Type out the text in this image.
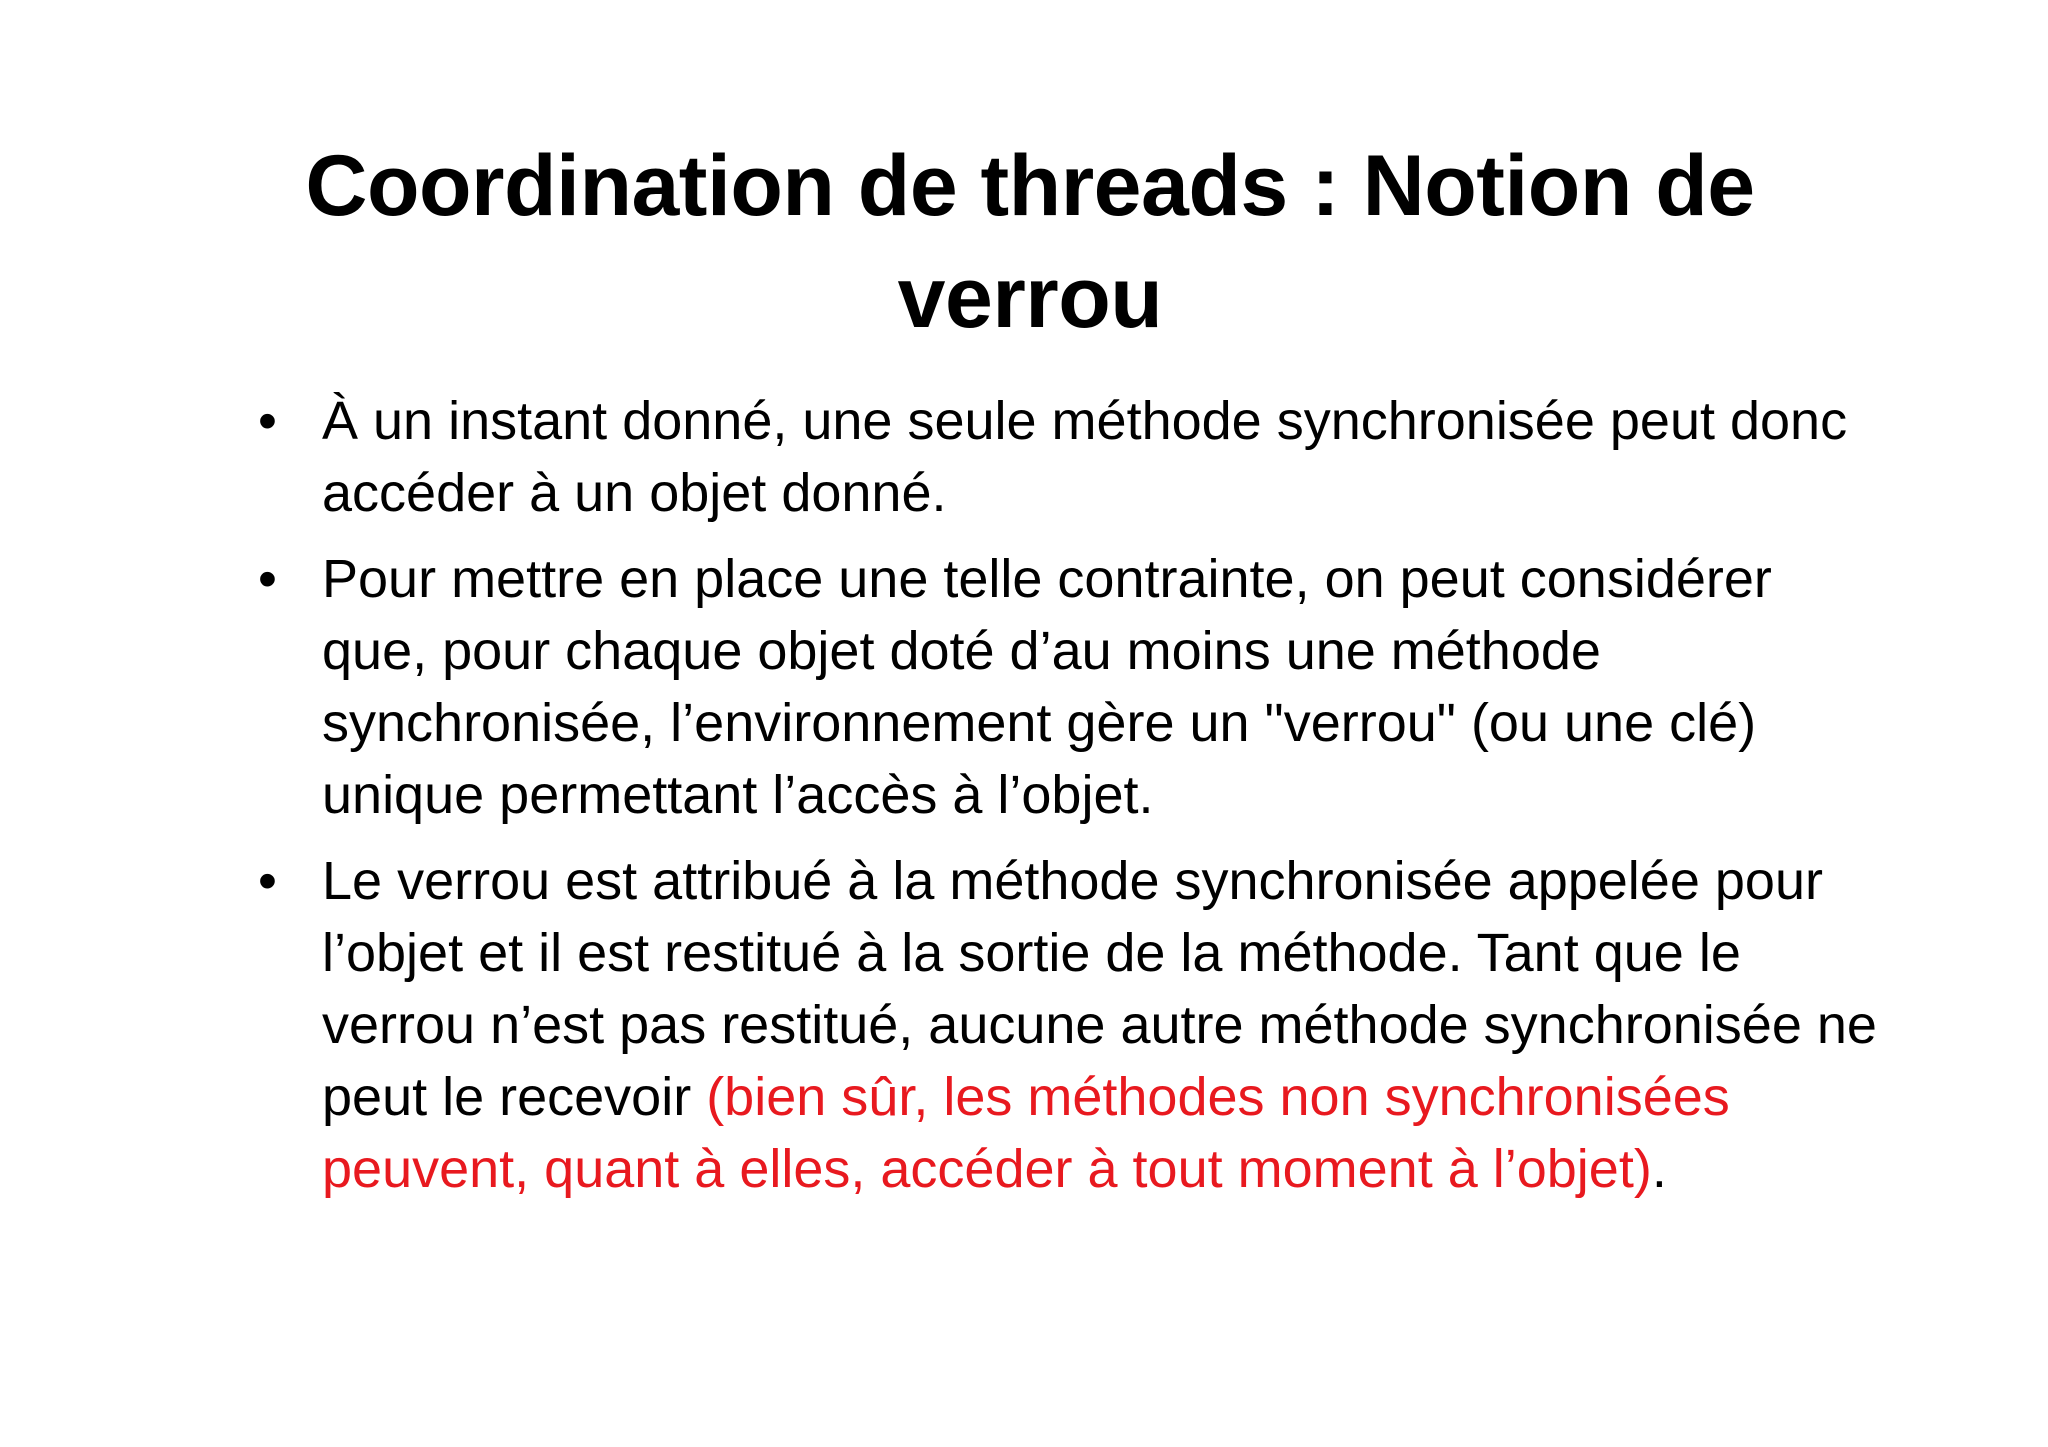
Coordination de threads : Notion de verrou
• À un instant donné, une seule méthode synchronisée peut donc accéder à un objet donné.
• Pour mettre en place une telle contrainte, on peut considérer que, pour chaque objet doté d’au moins une méthode synchronisée, l’environnement gère un "verrou" (ou une clé) unique permettant l’accès à l’objet.
• Le verrou est attribué à la méthode synchronisée appelée pour l’objet et il est restitué à la sortie de la méthode. Tant que le verrou n’est pas restitué, aucune autre méthode synchronisée ne peut le recevoir (bien sûr, les méthodes non synchronisées peuvent, quant à elles, accéder à tout moment à l’objet).
